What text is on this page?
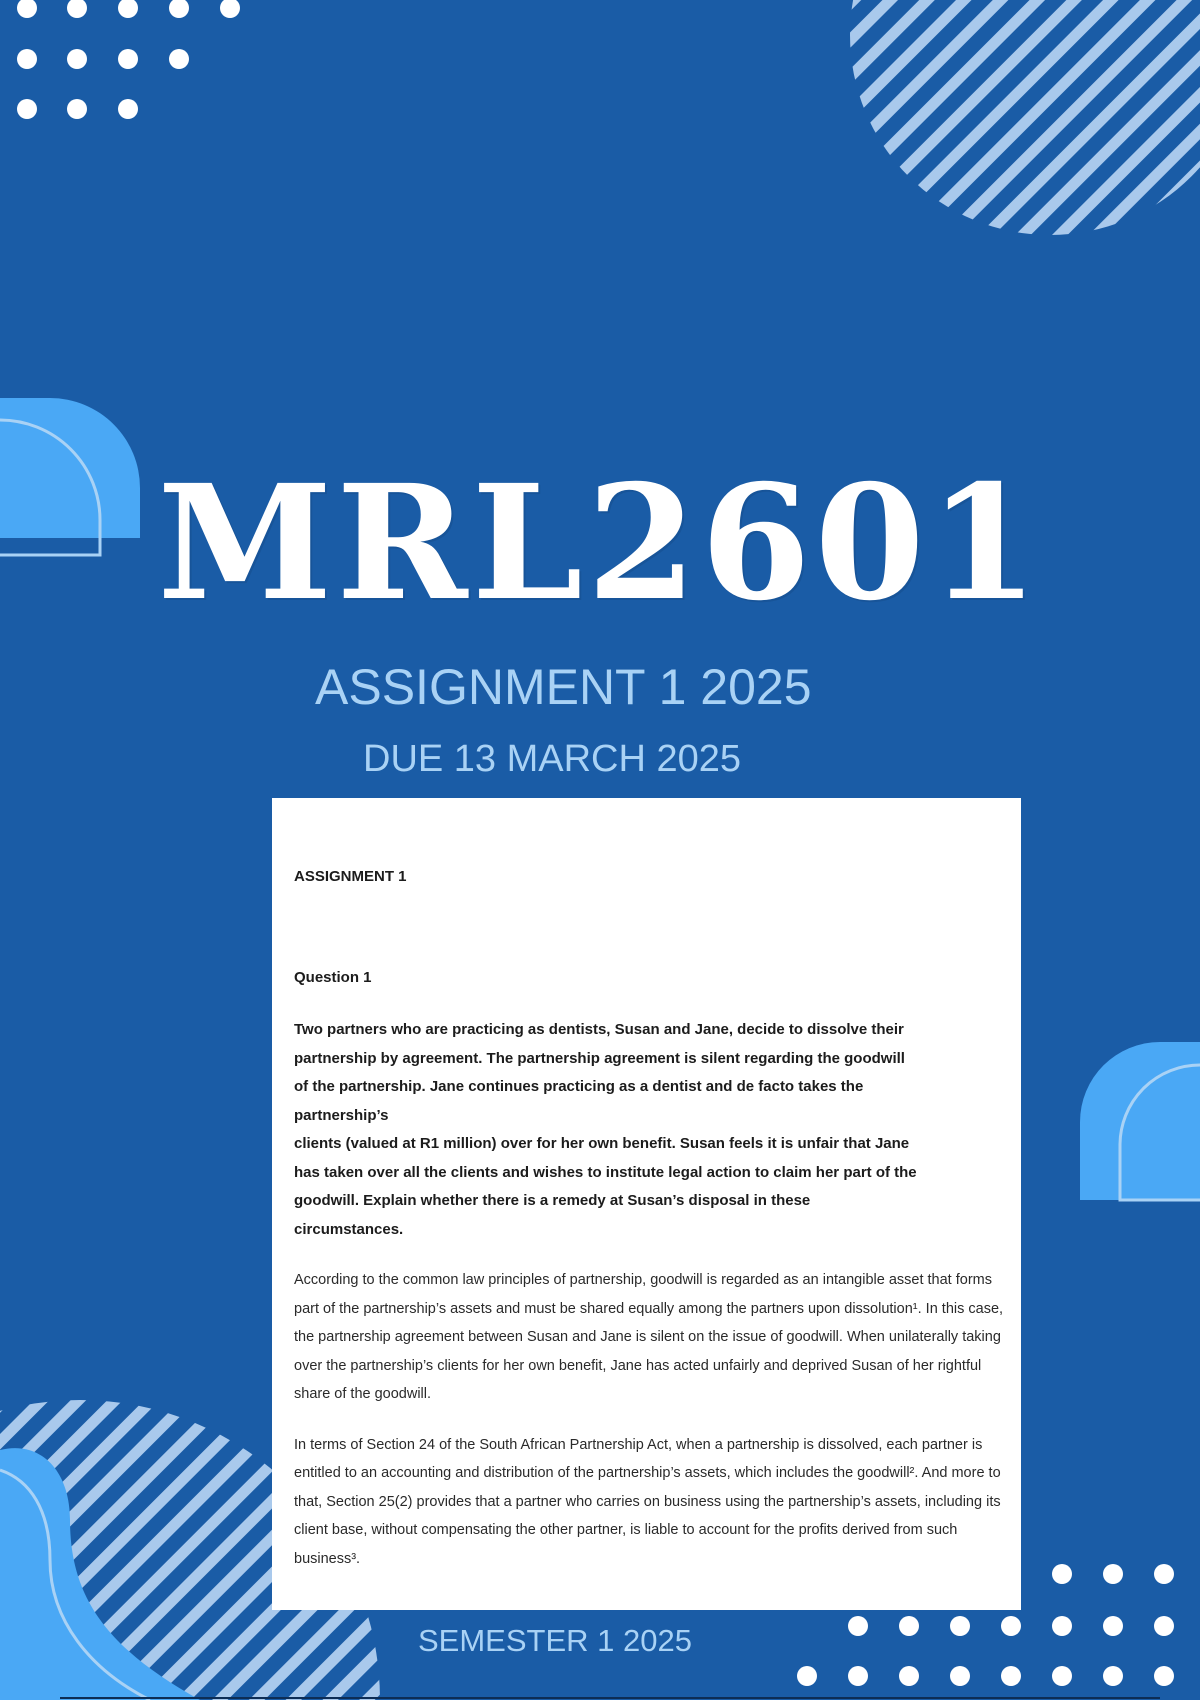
MRL2601
ASSIGNMENT 1 2025
DUE 13 MARCH 2025
ASSIGNMENT 1
Question 1
Two partners who are practicing as dentists, Susan and Jane, decide to dissolve their
partnership by agreement. The partnership agreement is silent regarding the goodwill
of the partnership. Jane continues practicing as a dentist and de facto takes the
partnership’s
clients (valued at R1 million) over for her own benefit. Susan feels it is unfair that Jane
has taken over all the clients and wishes to institute legal action to claim her part of the
goodwill. Explain whether there is a remedy at Susan’s disposal in these
circumstances.

According to the common law principles of partnership, goodwill is regarded as an intangible asset that forms part of the partnership’s assets and must be shared equally among the partners upon dissolution¹. In this case, the partnership agreement between Susan and Jane is silent on the issue of goodwill. When unilaterally taking over the partnership’s clients for her own benefit, Jane has acted unfairly and deprived Susan of her rightful share of the goodwill.

In terms of Section 24 of the South African Partnership Act, when a partnership is dissolved, each partner is entitled to an accounting and distribution of the partnership’s assets, which includes the goodwill². And more to that, Section 25(2) provides that a partner who carries on business using the partnership’s assets, including its client base, without compensating the other partner, is liable to account for the profits derived from such business³.

SEMESTER 1 2025
